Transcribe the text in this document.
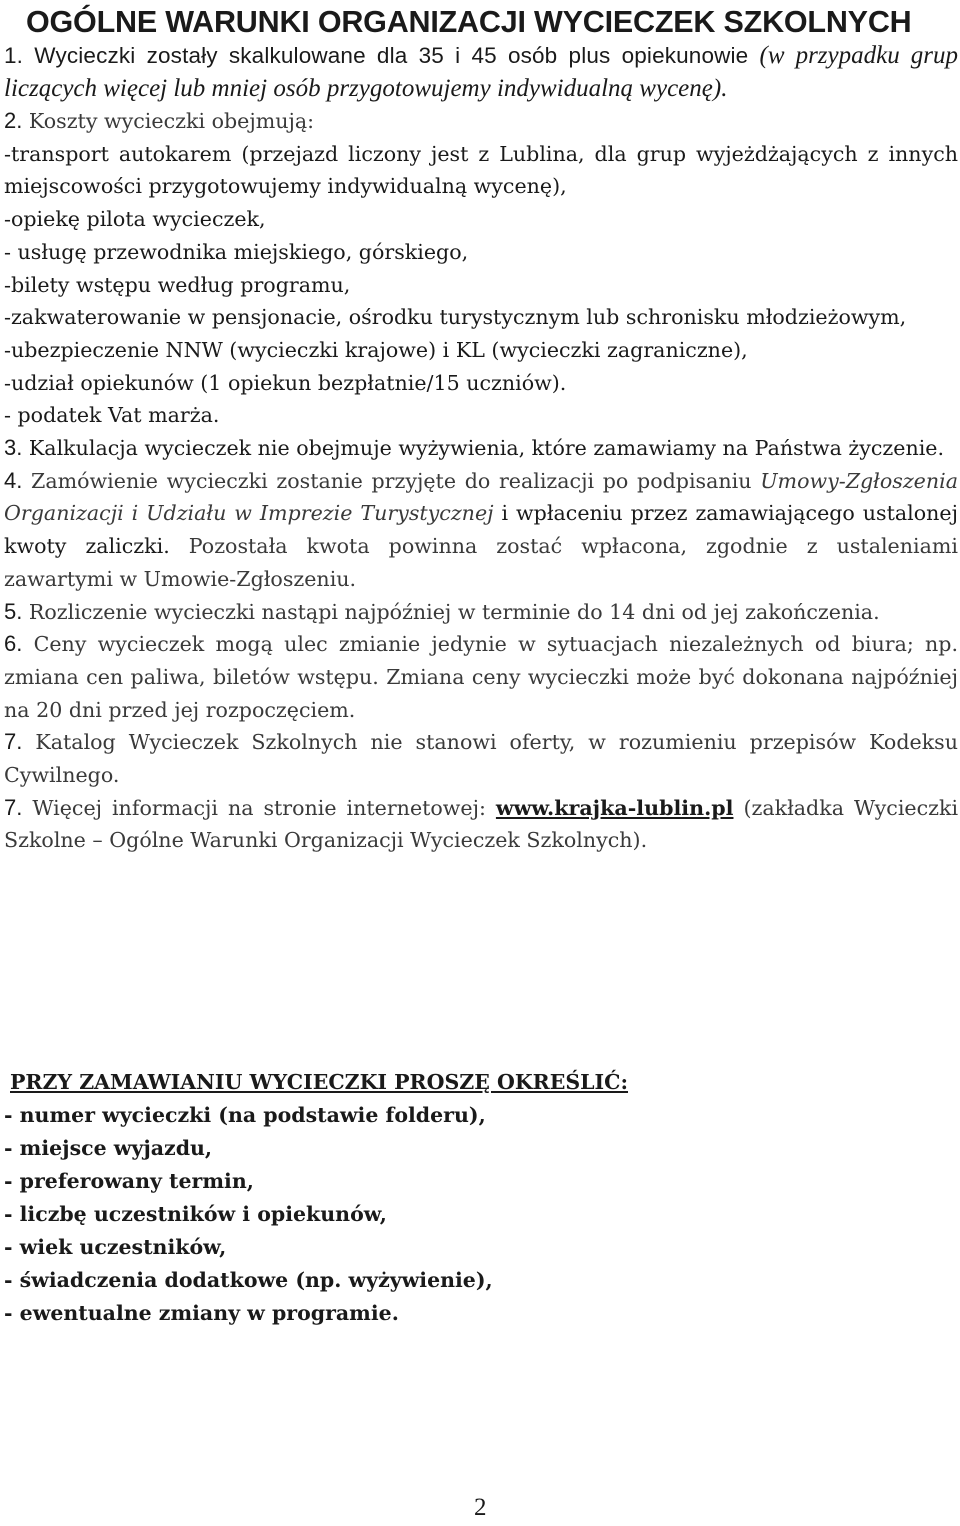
OGÓLNE WARUNKI ORGANIZACJI WYCIECZEK SZKOLNYCH

1. Wycieczki zostały skalkulowane dla 35 i 45 osób plus opiekunowie (w przypadku grup liczących więcej lub mniej osób przygotowujemy indywidualną wycenę).

2. Koszty wycieczki obejmują:

-transport autokarem (przejazd liczony jest z Lublina, dla grup wyjeżdżających z innych miejscowości przygotowujemy indywidualną wycenę),

-opiekę pilota wycieczek,

- usługę przewodnika miejskiego, górskiego,

-bilety wstępu według programu,

-zakwaterowanie w pensjonacie, ośrodku turystycznym lub schronisku młodzieżowym,

-ubezpieczenie NNW (wycieczki krajowe) i KL (wycieczki zagraniczne),

-udział opiekunów (1 opiekun bezpłatnie/15 uczniów).

- podatek Vat marża.

3. Kalkulacja wycieczek nie obejmuje wyżywienia, które zamawiamy na Państwa życzenie.

4. Zamówienie wycieczki zostanie przyjęte do realizacji po podpisaniu Umowy-Zgłoszenia Organizacji i Udziału w Imprezie Turystycznej i wpłaceniu przez zamawiającego ustalonej kwoty zaliczki. Pozostała kwota powinna zostać wpłacona, zgodnie z ustaleniami zawartymi w Umowie-Zgłoszeniu.

5. Rozliczenie wycieczki nastąpi najpóźniej w terminie do 14 dni od jej zakończenia.

6. Ceny wycieczek mogą ulec zmianie jedynie w sytuacjach niezależnych od biura; np. zmiana cen paliwa, biletów wstępu. Zmiana ceny wycieczki może być dokonana najpóźniej na 20 dni przed jej rozpoczęciem.

7. Katalog Wycieczek Szkolnych nie stanowi oferty, w rozumieniu przepisów Kodeksu Cywilnego.

7. Więcej informacji na stronie internetowej: www.krajka-lublin.pl (zakładka Wycieczki Szkolne – Ogólne Warunki Organizacji Wycieczek Szkolnych).

PRZY ZAMAWIANIU WYCIECZKI PROSZĘ OKREŚLIĆ:

- numer wycieczki (na podstawie folderu),

- miejsce wyjazdu,

- preferowany termin,

- liczbę uczestników i opiekunów,

- wiek uczestników,

- świadczenia dodatkowe (np. wyżywienie),

- ewentualne zmiany w programie.

2
